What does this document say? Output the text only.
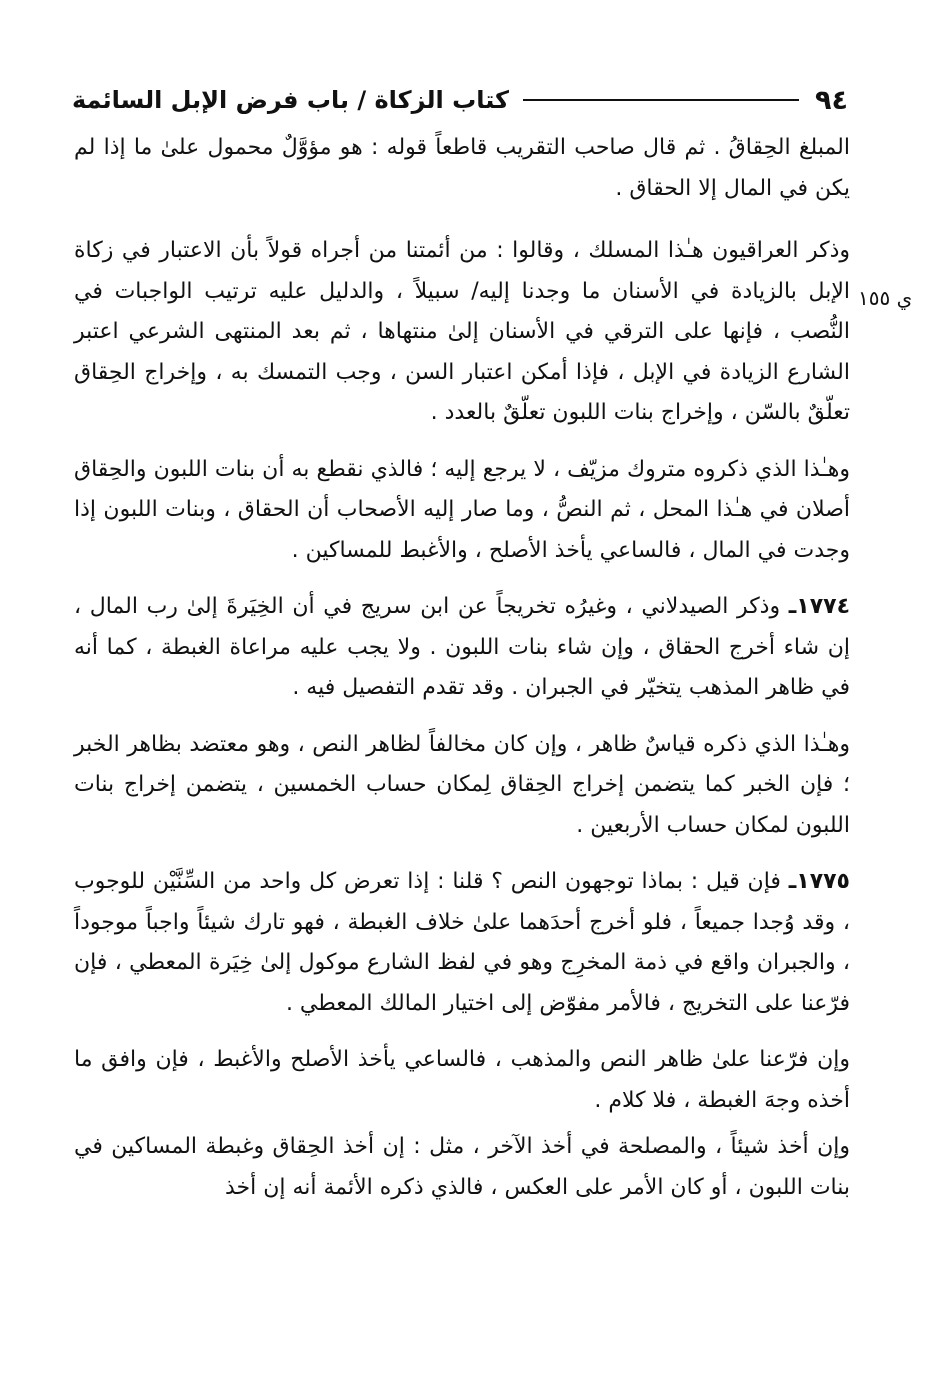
٩٤
كتاب الزكاة / باب فرض الإبل السائمة
ي ١٥٥

المبلغ الحِقاقُ . ثم قال صاحب التقريب قاطعاً قوله : هو مؤوَّلٌ محمول علىٰ ما إذا لم يكن في المال إلا الحقاق .

وذكر العراقيون هـٰذا المسلك ، وقالوا : من أئمتنا من أجراه قولاً بأن الاعتبار في زكاة الإبل بالزيادة في الأسنان ما وجدنا إليه/ سبيلاً ، والدليل عليه ترتيب الواجبات في النُّصب ، فإنها على الترقي في الأسنان إلىٰ منتهاها ، ثم بعد المنتهى الشرعي اعتبر الشارع الزيادة في الإبل ، فإذا أمكن اعتبار السن ، وجب التمسك به ، وإخراج الحِقاق تعلّقٌ بالسّن ، وإخراج بنات اللبون تعلّقٌ بالعدد .

وهـٰذا الذي ذكروه متروك مزيّف ، لا يرجع إليه ؛ فالذي نقطع به أن بنات اللبون والحِقاق أصلان في هـٰذا المحل ، ثم النصُّ ، وما صار إليه الأصحاب أن الحقاق ، وبنات اللبون إذا وجدت في المال ، فالساعي يأخذ الأصلح ، والأغبط للمساكين .

١٧٧٤ـ وذكر الصيدلاني ، وغيرُه تخريجاً عن ابن سريج في أن الخِيَرةَ إلىٰ رب المال ، إن شاء أخرج الحقاق ، وإن شاء بنات اللبون . ولا يجب عليه مراعاة الغبطة ، كما أنه في ظاهر المذهب يتخيّر في الجبران . وقد تقدم التفصيل فيه .

وهـٰذا الذي ذكره قياسٌ ظاهر ، وإن كان مخالفاً لظاهر النص ، وهو معتضد بظاهر الخبر ؛ فإن الخبر كما يتضمن إخراج الحِقاق لِمكان حساب الخمسين ، يتضمن إخراج بنات اللبون لمكان حساب الأربعين .

١٧٧٥ـ فإن قيل : بماذا توجهون النص ؟ قلنا : إذا تعرض كل واحد من السِّنَّيْن للوجوب ، وقد وُجدا جميعاً ، فلو أخرج أحدَهما علىٰ خلاف الغبطة ، فهو تارك شيئاً واجباً موجوداً ، والجبران واقع في ذمة المخرِج وهو في لفظ الشارع موكول إلىٰ خِيَرة المعطي ، فإن فرّعنا على التخريج ، فالأمر مفوّض إلى اختيار المالك المعطي .

وإن فرّعنا علىٰ ظاهر النص والمذهب ، فالساعي يأخذ الأصلح والأغبط ، فإن وافق ما أخذه وجهَ الغبطة ، فلا كلام .

وإن أخذ شيئاً ، والمصلحة في أخذ الآخر ، مثل : إن أخذ الحِقاق وغبطة المساكين في بنات اللبون ، أو كان الأمر على العكس ، فالذي ذكره الأئمة أنه إن أخذ
